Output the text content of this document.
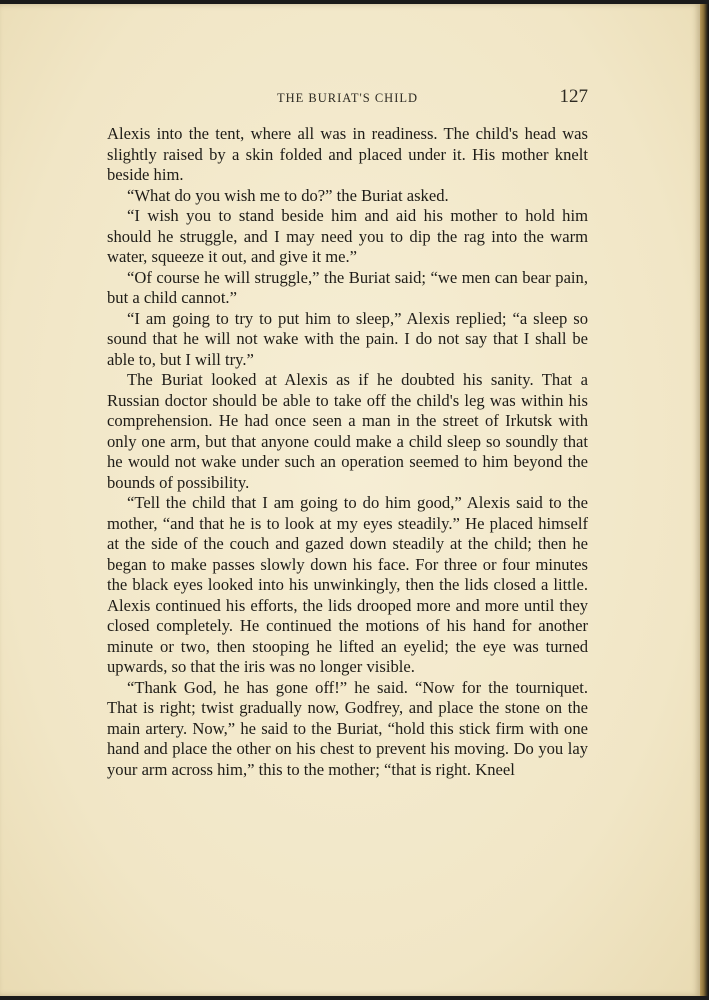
THE BURIAT'S CHILD	127

Alexis into the tent, where all was in readiness. The child's head was slightly raised by a skin folded and placed under it. His mother knelt beside him.

“What do you wish me to do?” the Buriat asked.

“I wish you to stand beside him and aid his mother to hold him should he struggle, and I may need you to dip the rag into the warm water, squeeze it out, and give it me.”

“Of course he will struggle,” the Buriat said; “we men can bear pain, but a child cannot.”

“I am going to try to put him to sleep,” Alexis replied; “a sleep so sound that he will not wake with the pain. I do not say that I shall be able to, but I will try.”

The Buriat looked at Alexis as if he doubted his sanity. That a Russian doctor should be able to take off the child's leg was within his comprehension. He had once seen a man in the street of Irkutsk with only one arm, but that anyone could make a child sleep so soundly that he would not wake under such an operation seemed to him beyond the bounds of possibility.

“Tell the child that I am going to do him good,” Alexis said to the mother, “and that he is to look at my eyes steadily.” He placed himself at the side of the couch and gazed down steadily at the child; then he began to make passes slowly down his face. For three or four minutes the black eyes looked into his unwinkingly, then the lids closed a little. Alexis continued his efforts, the lids drooped more and more until they closed completely. He continued the motions of his hand for another minute or two, then stooping he lifted an eyelid; the eye was turned upwards, so that the iris was no longer visible.

“Thank God, he has gone off!” he said. “Now for the tourniquet. That is right; twist gradually now, Godfrey, and place the stone on the main artery. Now,” he said to the Buriat, “hold this stick firm with one hand and place the other on his chest to prevent his moving. Do you lay your arm across him,” this to the mother; “that is right. Kneel
